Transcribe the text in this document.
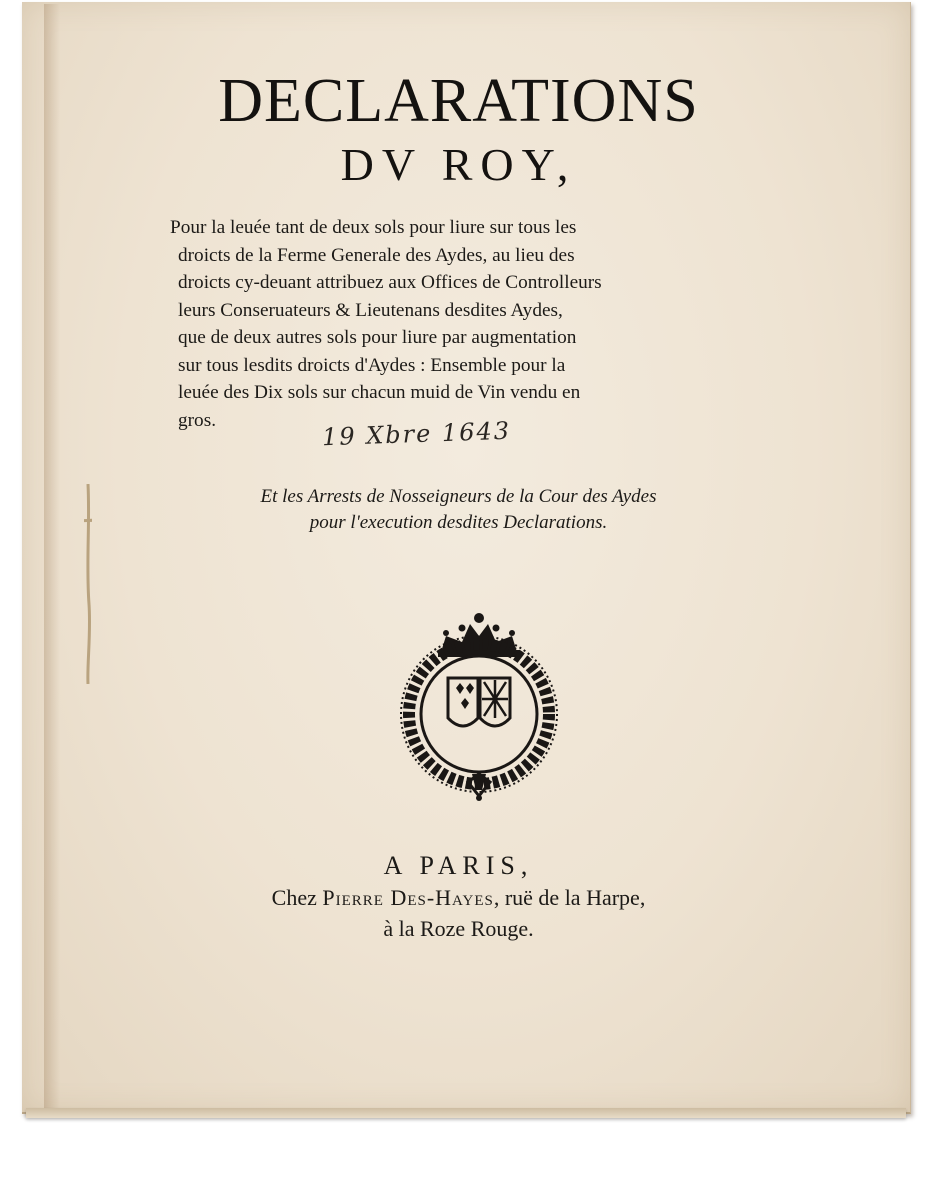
DECLARATIONS
DV ROY,
Pour la leuée tant de deux sols pour liure sur tous les
droicts de la Ferme Generale des Aydes, au lieu des
droicts cy-deuant attribuez aux Offices de Controlleurs
leurs Conseruateurs & Lieutenans desdites Aydes,
que de deux autres sols pour liure par augmentation
sur tous lesdits droicts d'Aydes : Ensemble pour la
leuée des Dix sols sur chacun muid de Vin vendu en
gros.	19 Xbre 1643
Et les Arrests de Nosseigneurs de la Cour des Aydes
pour l'execution desdites Declarations.
A PARIS,
Chez Pierre Des-Hayes, ruë de la Harpe,
à la Roze Rouge.
